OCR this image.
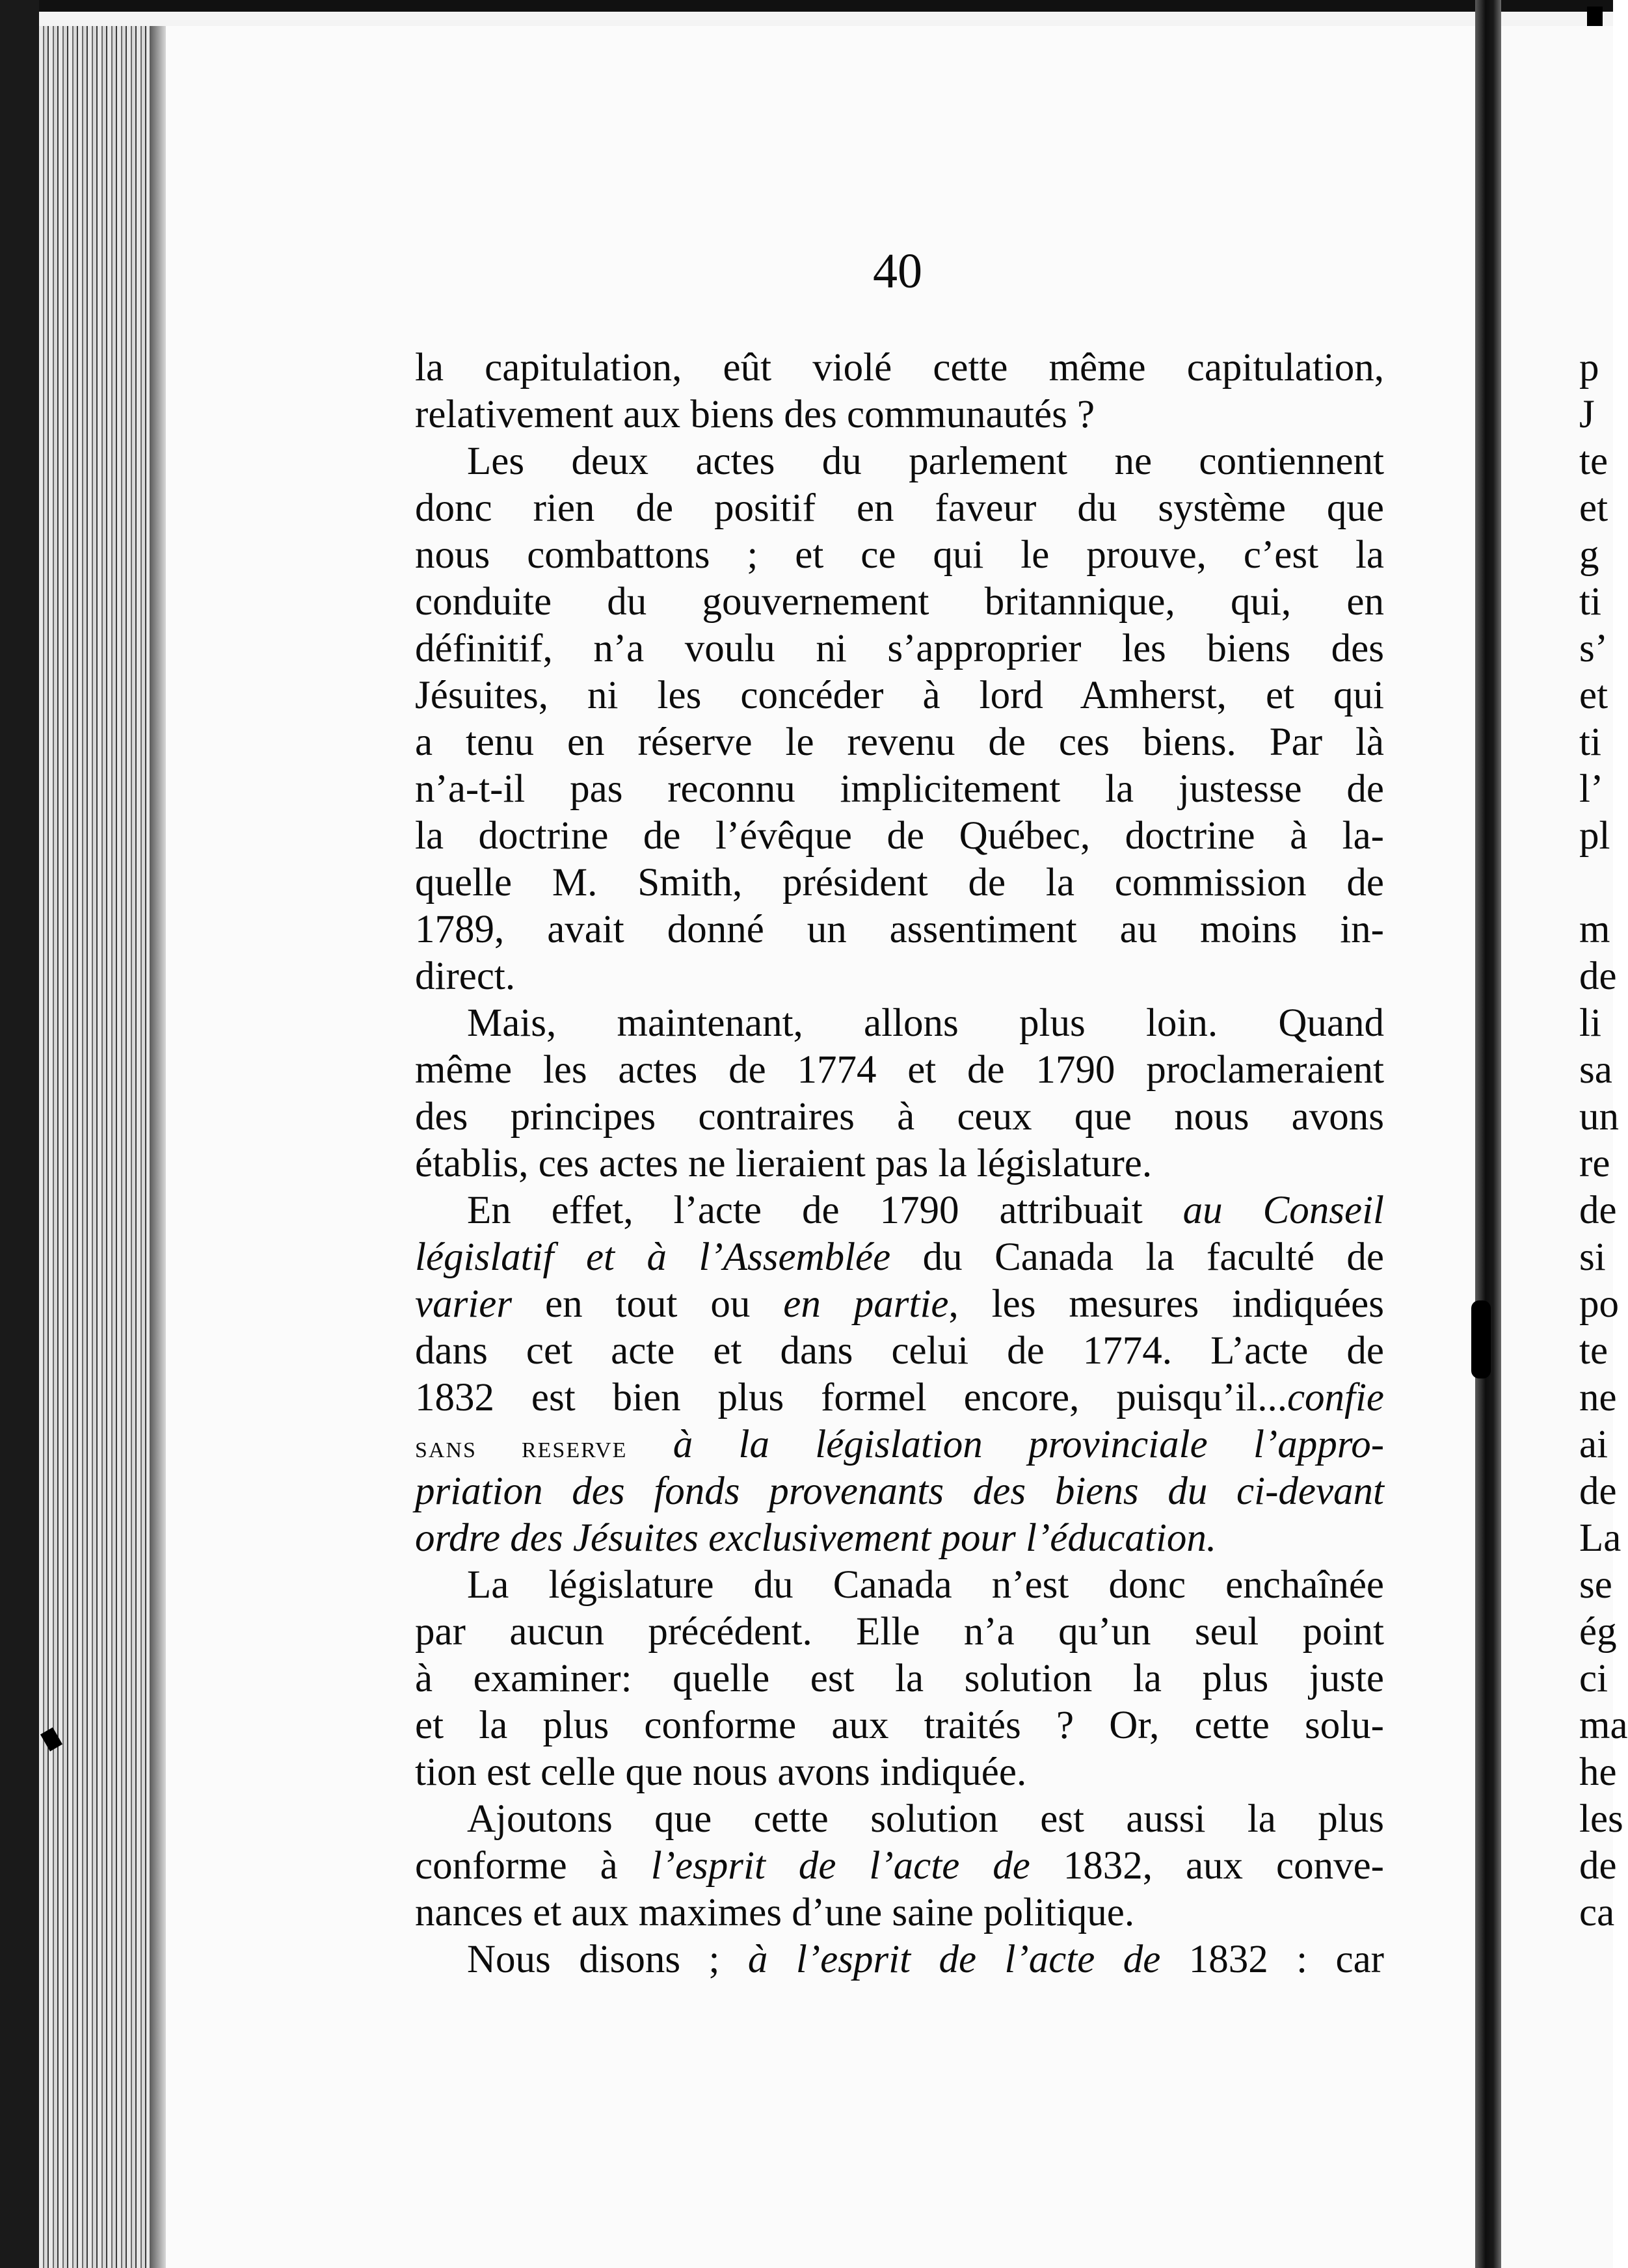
40
la capitulation, eût violé cette même capitulation,
relativement aux biens des communautés ?
Les deux actes du parlement ne contiennent
donc rien de positif en faveur du système que
nous combattons ; et ce qui le prouve, c’est la
conduite du gouvernement britannique, qui, en
définitif, n’a voulu ni s’approprier les biens des
Jésuites, ni les concéder à lord Amherst, et qui
a tenu en réserve le revenu de ces biens. Par là
n’a-t-il pas reconnu implicitement la justesse de
la doctrine de l’évêque de Québec, doctrine à la-
quelle M. Smith, président de la commission de
1789, avait donné un assentiment au moins in-
direct.
Mais, maintenant, allons plus loin. Quand
même les actes de 1774 et de 1790 proclameraient
des principes contraires à ceux que nous avons
établis, ces actes ne lieraient pas la législature.
En effet, l’acte de 1790 attribuait au Conseil
législatif et à l’Assemblée du Canada la faculté de
varier en tout ou en partie, les mesures indiquées
dans cet acte et dans celui de 1774. L’acte de
1832 est bien plus formel encore, puisqu’il...confie
sans reserve à la législation provinciale l’appro-
priation des fonds provenants des biens du ci-devant
ordre des Jésuites exclusivement pour l’éducation.
La législature du Canada n’est donc enchaînée
par aucun précédent. Elle n’a qu’un seul point
à examiner: quelle est la solution la plus juste
et la plus conforme aux traités ? Or, cette solu-
tion est celle que nous avons indiquée.
Ajoutons que cette solution est aussi la plus
conforme à l’esprit de l’acte de 1832, aux conve-
nances et aux maximes d’une saine politique.
Nous disons ; à l’esprit de l’acte de 1832 : car
p
J
te
et
g
ti
s’
et
ti
l’
pl
m
de
li
sa
un
re
de
si
po
te
ne
ai
de
La
se
ég
ci
ma
he
les
de
ca
